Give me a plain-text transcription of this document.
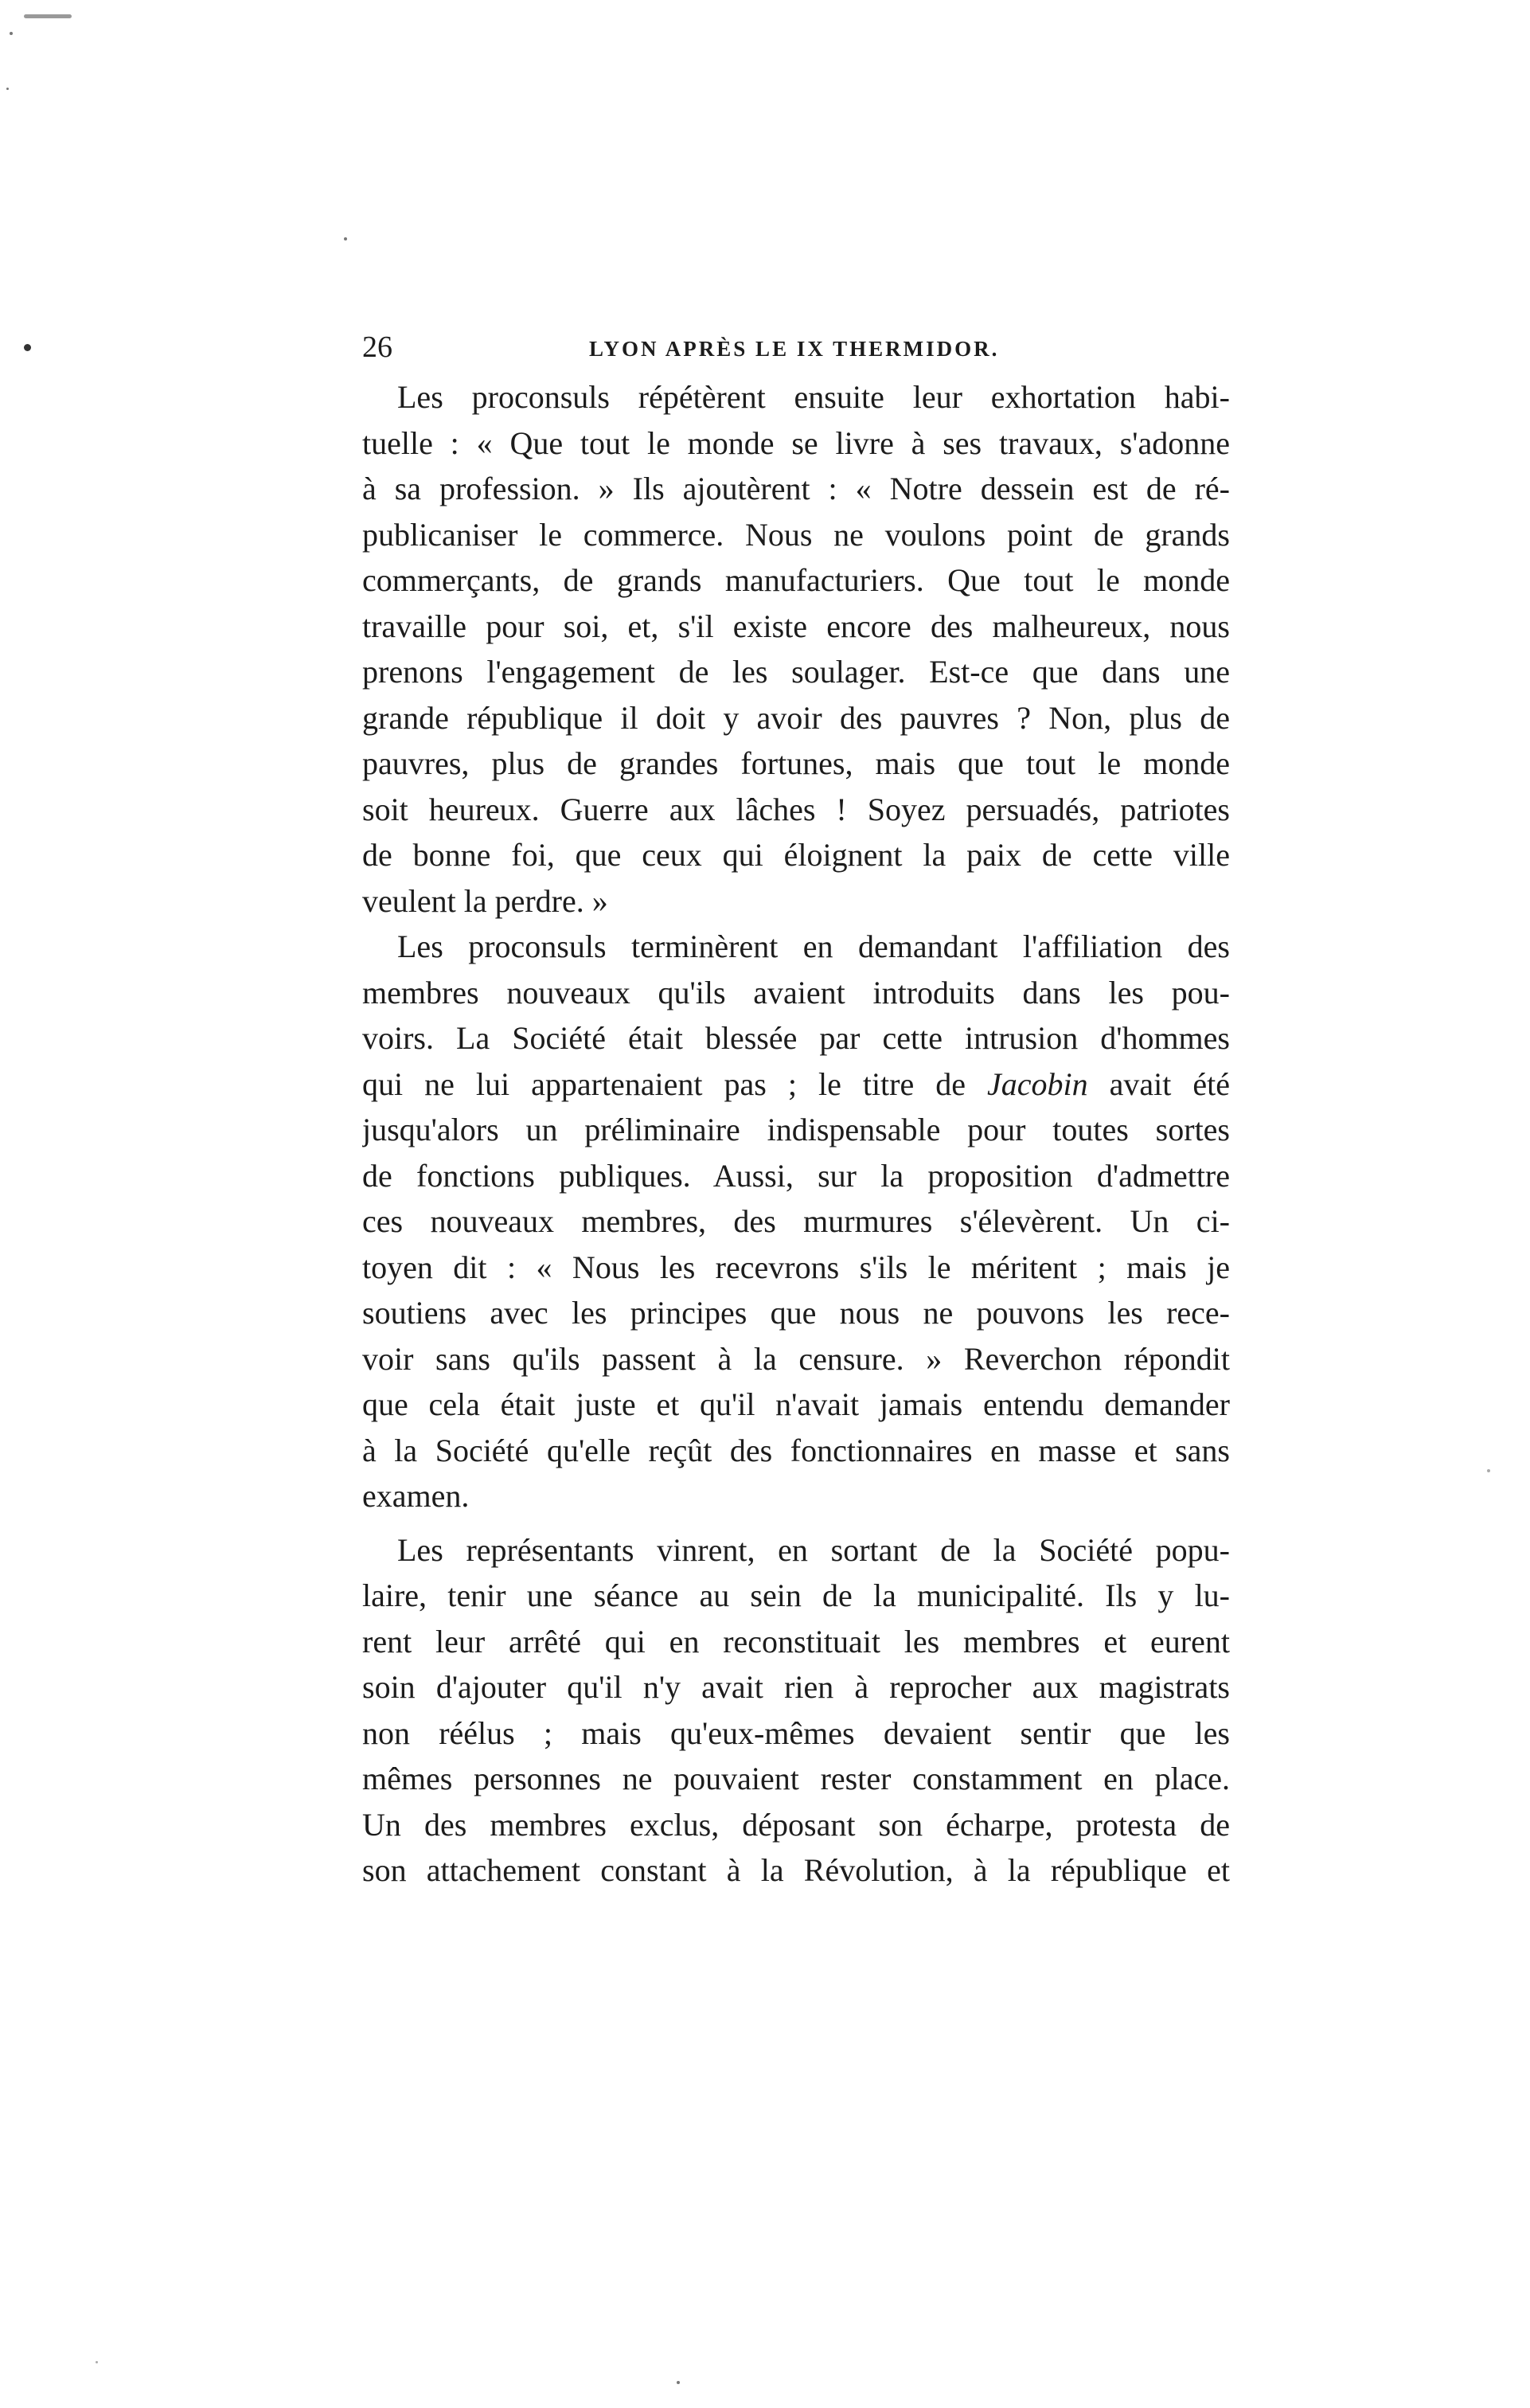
26	LYON APRÈS LE IX THERMIDOR.
Les proconsuls répétèrent ensuite leur exhortation habi-
tuelle : « Que tout le monde se livre à ses travaux, s'adonne
à sa profession. » Ils ajoutèrent : « Notre dessein est de ré-
publicaniser le commerce. Nous ne voulons point de grands
commerçants, de grands manufacturiers. Que tout le monde
travaille pour soi, et, s'il existe encore des malheureux, nous
prenons l'engagement de les soulager. Est-ce que dans une
grande république il doit y avoir des pauvres ? Non, plus de
pauvres, plus de grandes fortunes, mais que tout le monde
soit heureux. Guerre aux lâches ! Soyez persuadés, patriotes
de bonne foi, que ceux qui éloignent la paix de cette ville
veulent la perdre. »
Les proconsuls terminèrent en demandant l'affiliation des
membres nouveaux qu'ils avaient introduits dans les pou-
voirs. La Société était blessée par cette intrusion d'hommes
qui ne lui appartenaient pas ; le titre de Jacobin avait été
jusqu'alors un préliminaire indispensable pour toutes sortes
de fonctions publiques. Aussi, sur la proposition d'admettre
ces nouveaux membres, des murmures s'élevèrent. Un ci-
toyen dit : « Nous les recevrons s'ils le méritent ; mais je
soutiens avec les principes que nous ne pouvons les rece-
voir sans qu'ils passent à la censure. » Reverchon répondit
que cela était juste et qu'il n'avait jamais entendu demander
à la Société qu'elle reçût des fonctionnaires en masse et sans
examen.
Les représentants vinrent, en sortant de la Société popu-
laire, tenir une séance au sein de la municipalité. Ils y lu-
rent leur arrêté qui en reconstituait les membres et eurent
soin d'ajouter qu'il n'y avait rien à reprocher aux magistrats
non réélus ; mais qu'eux-mêmes devaient sentir que les
mêmes personnes ne pouvaient rester constamment en place.
Un des membres exclus, déposant son écharpe, protesta de
son attachement constant à la Révolution, à la république et
